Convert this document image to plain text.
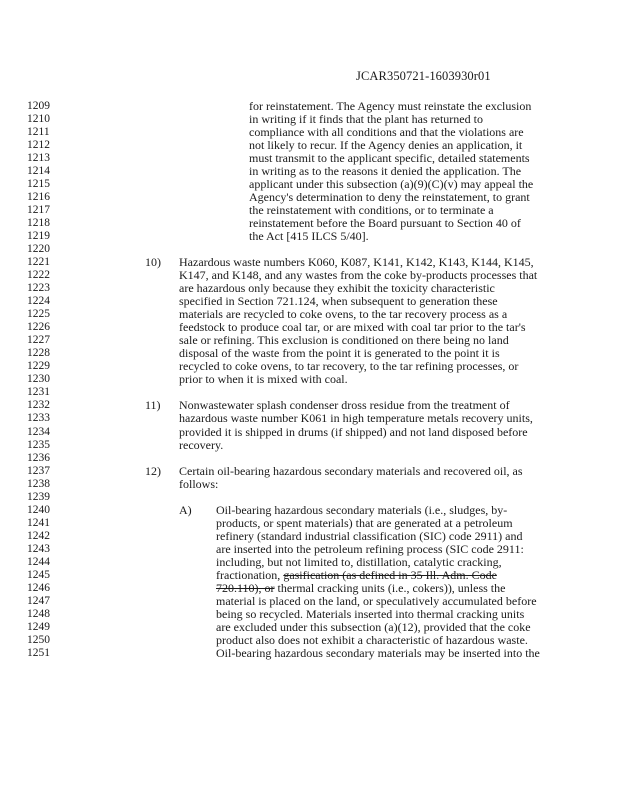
JCAR350721-1603930r01
1209	for reinstatement. The Agency must reinstate the exclusion
1210	in writing if it finds that the plant has returned to
1211	compliance with all conditions and that the violations are
1212	not likely to recur. If the Agency denies an application, it
1213	must transmit to the applicant specific, detailed statements
1214	in writing as to the reasons it denied the application. The
1215	applicant under this subsection (a)(9)(C)(v) may appeal the
1216	Agency's determination to deny the reinstatement, to grant
1217	the reinstatement with conditions, or to terminate a
1218	reinstatement before the Board pursuant to Section 40 of
1219	the Act [415 ILCS 5/40].
1220
1221	10) Hazardous waste numbers K060, K087, K141, K142, K143, K144, K145,
1222	K147, and K148, and any wastes from the coke by-products processes that
1223	are hazardous only because they exhibit the toxicity characteristic
1224	specified in Section 721.124, when subsequent to generation these
1225	materials are recycled to coke ovens, to the tar recovery process as a
1226	feedstock to produce coal tar, or are mixed with coal tar prior to the tar's
1227	sale or refining. This exclusion is conditioned on there being no land
1228	disposal of the waste from the point it is generated to the point it is
1229	recycled to coke ovens, to tar recovery, to the tar refining processes, or
1230	prior to when it is mixed with coal.
1231
1232	11) Nonwastewater splash condenser dross residue from the treatment of
1233	hazardous waste number K061 in high temperature metals recovery units,
1234	provided it is shipped in drums (if shipped) and not land disposed before
1235	recovery.
1236
1237	12) Certain oil-bearing hazardous secondary materials and recovered oil, as
1238	follows:
1239
1240	A) Oil-bearing hazardous secondary materials (i.e., sludges, by-
1241	products, or spent materials) that are generated at a petroleum
1242	refinery (standard industrial classification (SIC) code 2911) and
1243	are inserted into the petroleum refining process (SIC code 2911:
1244	including, but not limited to, distillation, catalytic cracking,
1245	fractionation, gasification (as defined in 35 Ill. Adm. Code
1246	720.110), or thermal cracking units (i.e., cokers)), unless the
1247	material is placed on the land, or speculatively accumulated before
1248	being so recycled. Materials inserted into thermal cracking units
1249	are excluded under this subsection (a)(12), provided that the coke
1250	product also does not exhibit a characteristic of hazardous waste.
1251	Oil-bearing hazardous secondary materials may be inserted into the
